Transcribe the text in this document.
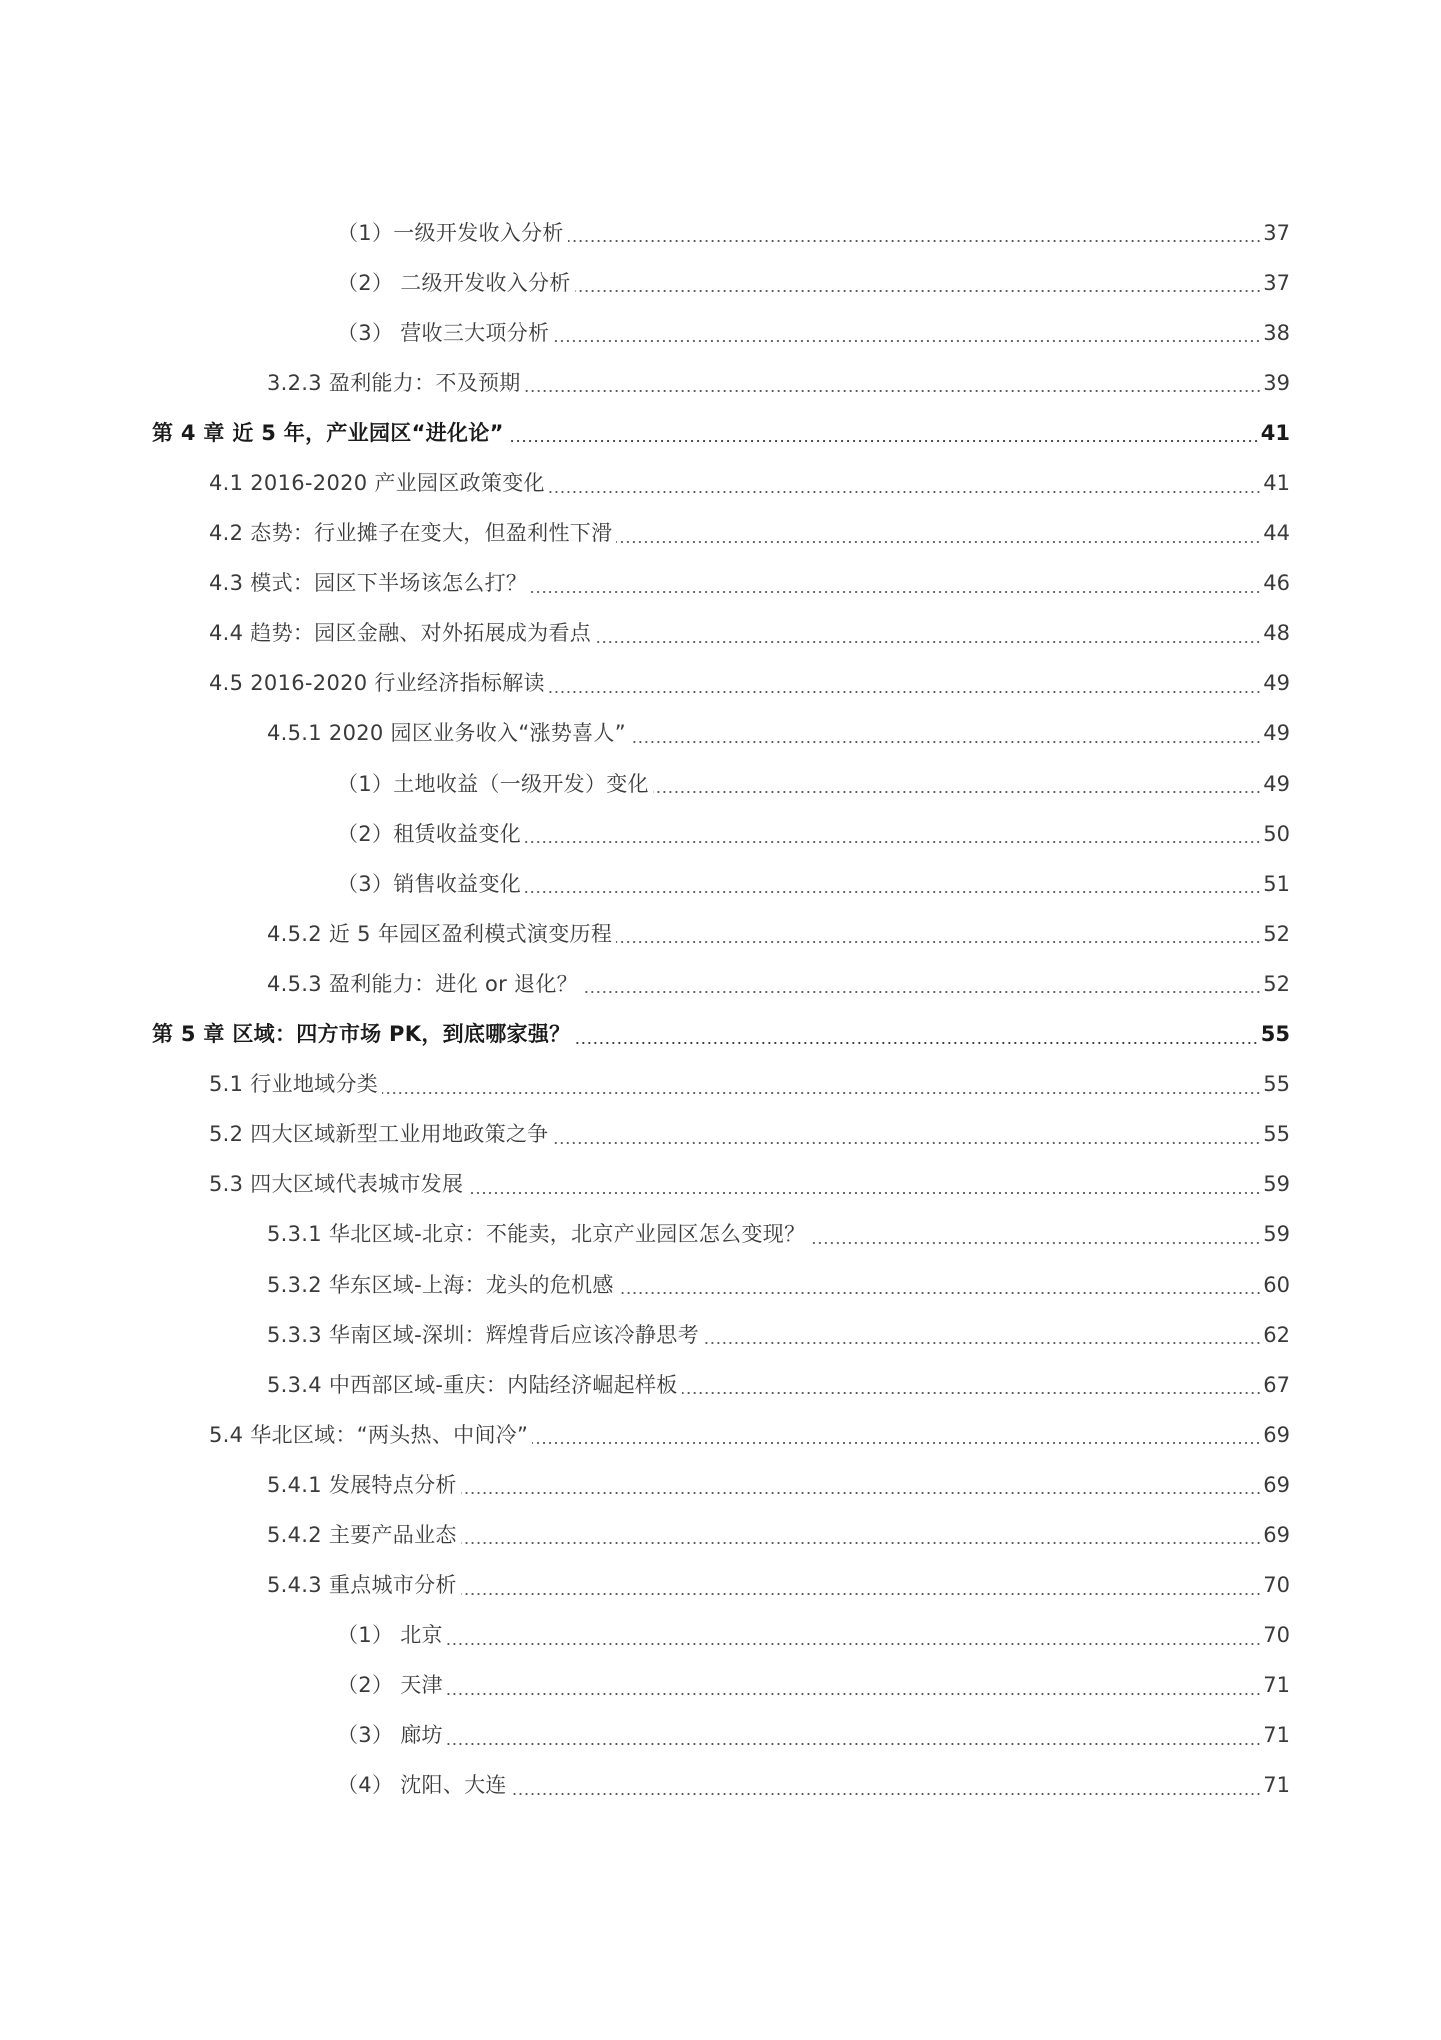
（1）一级开发收入分析	37
（2） 二级开发收入分析	37
（3） 营收三大项分析	38
3.2.3 盈利能力：不及预期	39
第 4 章 近 5 年，产业园区“进化论”	41
4.1 2016-2020 产业园区政策变化	41
4.2 态势：行业摊子在变大，但盈利性下滑	44
4.3 模式：园区下半场该怎么打？	46
4.4 趋势：园区金融、对外拓展成为看点	48
4.5 2016-2020 行业经济指标解读	49
4.5.1 2020 园区业务收入“涨势喜人”	49
（1）土地收益（一级开发）变化	49
（2）租赁收益变化	50
（3）销售收益变化	51
4.5.2 近 5 年园区盈利模式演变历程	52
4.5.3 盈利能力：进化 or 退化？	52
第 5 章 区域：四方市场 PK，到底哪家强？	55
5.1 行业地域分类	55
5.2 四大区域新型工业用地政策之争	55
5.3 四大区域代表城市发展	59
5.3.1 华北区域-北京：不能卖，北京产业园区怎么变现？	59
5.3.2 华东区域-上海：龙头的危机感	60
5.3.3 华南区域-深圳：辉煌背后应该冷静思考	62
5.3.4 中西部区域-重庆：内陆经济崛起样板	67
5.4 华北区域：“两头热、中间冷”	69
5.4.1 发展特点分析	69
5.4.2 主要产品业态	69
5.4.3 重点城市分析	70
（1） 北京	70
（2） 天津	71
（3） 廊坊	71
（4） 沈阳、大连	71
